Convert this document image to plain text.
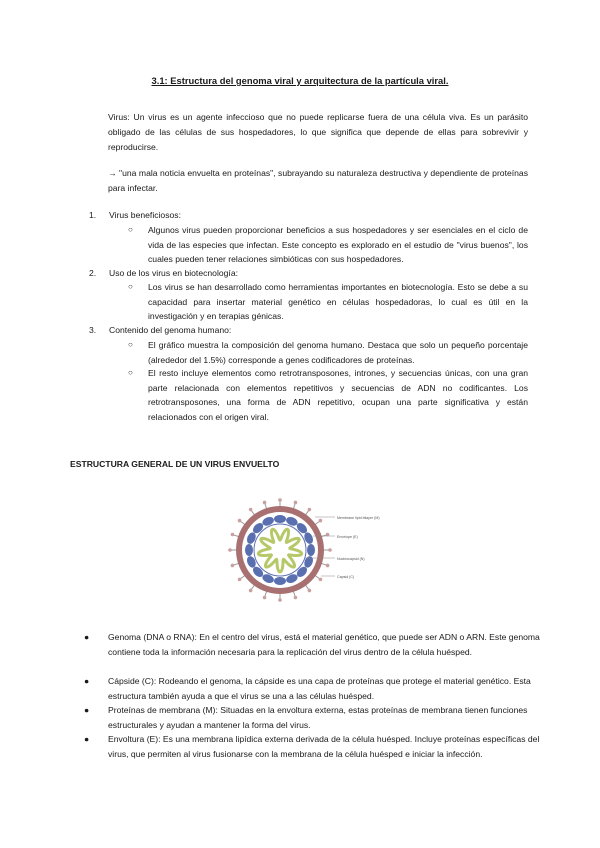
3.1: Estructura del genoma viral y arquitectura de la partícula viral.
Virus: Un virus es un agente infeccioso que no puede replicarse fuera de una célula viva. Es un parásito obligado de las células de sus hospedadores, lo que significa que depende de ellas para sobrevivir y reproducirse.
→ "una mala noticia envuelta en proteínas", subrayando su naturaleza destructiva y dependiente de proteínas para infectar.
1. Virus beneficiosos:
○ Algunos virus pueden proporcionar beneficios a sus hospedadores y ser esenciales en el ciclo de vida de las especies que infectan. Este concepto es explorado en el estudio de "virus buenos", los cuales pueden tener relaciones simbióticas con sus hospedadores.
2. Uso de los virus en biotecnología:
○ Los virus se han desarrollado como herramientas importantes en biotecnología. Esto se debe a su capacidad para insertar material genético en células hospedadoras, lo cual es útil en la investigación y en terapias génicas.
3. Contenido del genoma humano:
○ El gráfico muestra la composición del genoma humano. Destaca que solo un pequeño porcentaje (alrededor del 1.5%) corresponde a genes codificadores de proteínas.
○ El resto incluye elementos como retrotransposones, intrones, y secuencias únicas, con una gran parte relacionada con elementos repetitivos y secuencias de ADN no codificantes. Los retrotransposones, una forma de ADN repetitivo, ocupan una parte significativa y están relacionados con el origen viral.
ESTRUCTURA GENERAL DE UN VIRUS ENVUELTO
Membrane lipid bilayer (M)
Envelope (E)
Nucleocapsid (N)
Capsid (C)
● Genoma (DNA o RNA): En el centro del virus, está el material genético, que puede ser ADN o ARN. Este genoma contiene toda la información necesaria para la replicación del virus dentro de la célula huésped.
● Cápside (C): Rodeando el genoma, la cápside es una capa de proteínas que protege el material genético. Esta estructura también ayuda a que el virus se una a las células huésped.
● Proteínas de membrana (M): Situadas en la envoltura externa, estas proteínas de membrana tienen funciones estructurales y ayudan a mantener la forma del virus.
● Envoltura (E): Es una membrana lipídica externa derivada de la célula huésped. Incluye proteínas específicas del virus, que permiten al virus fusionarse con la membrana de la célula huésped e iniciar la infección.
